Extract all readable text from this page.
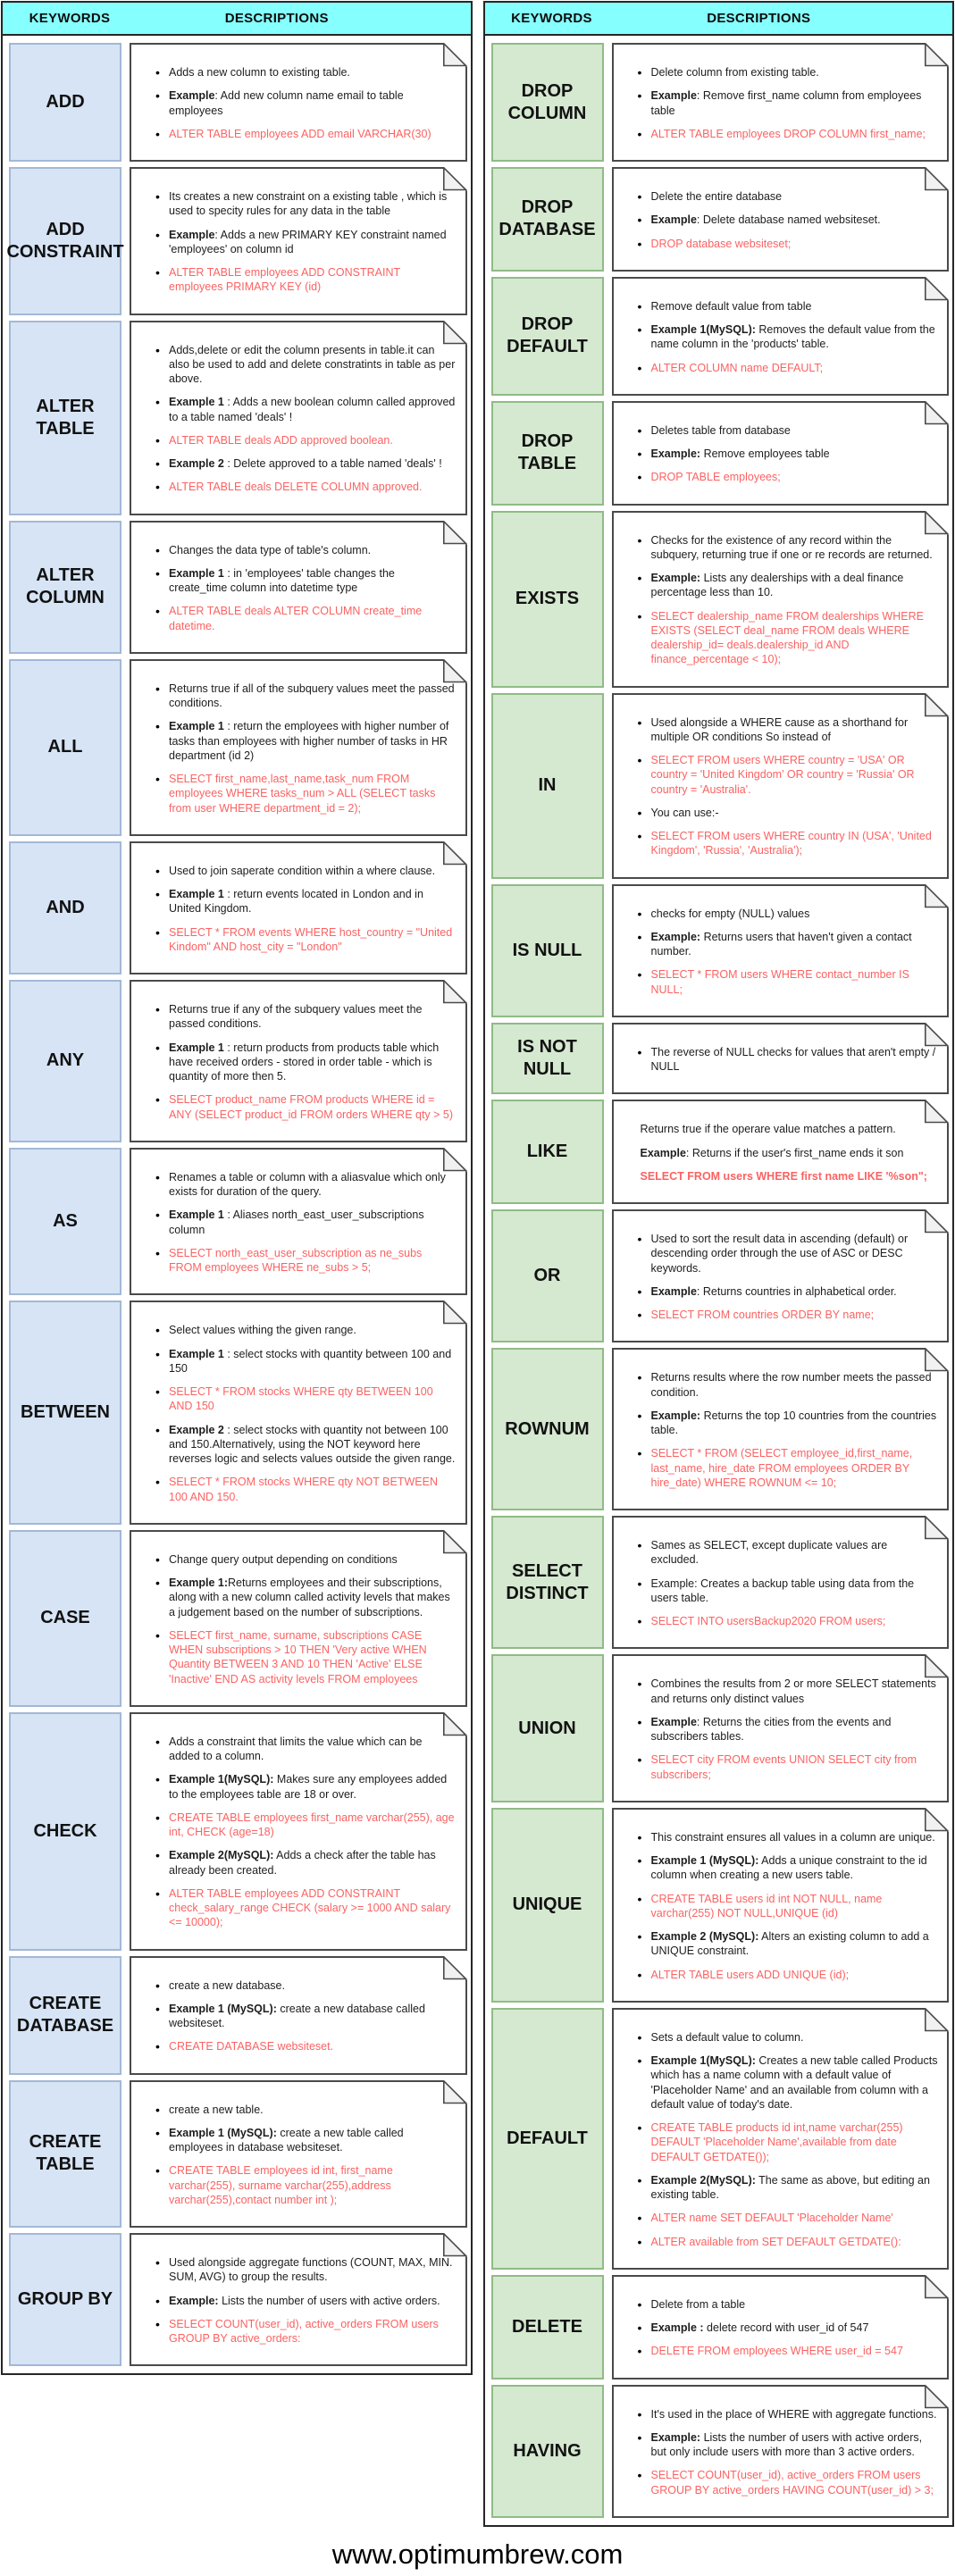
KEYWORDS	DESCRIPTIONS
ADD
• Adds a new column to existing table.
• Example: Add new column name email to table employees
• ALTER TABLE employees ADD email VARCHAR(30)
ADD CONSTRAINT
• Its creates a new constraint on a existing table , which is used to specity rules for any data in the table
• Example: Adds a new PRIMARY KEY constraint named 'employees' on column id
• ALTER TABLE employees ADD CONSTRAINT employees PRIMARY KEY (id)
ALTER TABLE
• Adds,delete or edit the column presents in table.it can also be used to add and delete constratints in table as per above.
• Example 1 : Adds a new boolean column called approved to a table named 'deals' !
• ALTER TABLE deals ADD approved boolean.
• Example 2 : Delete approved to a table named 'deals' !
• ALTER TABLE deals DELETE COLUMN approved.
ALTER COLUMN
• Changes the data type of table's column.
• Example 1 : in 'employees' table changes the create_time column into datetime type
• ALTER TABLE deals ALTER COLUMN create_time datetime.
ALL
• Returns true if all of the subquery values meet the passed conditions.
• Example 1 : return the employees with higher number of tasks than employees with higher number of tasks in HR department (id 2)
• SELECT first_name,last_name,task_num FROM employees WHERE tasks_num > ALL (SELECT tasks from user WHERE department_id = 2);
AND
• Used to join saperate condition within a where clause.
• Example 1 : return events located in London and in United Kingdom.
• SELECT * FROM events WHERE host_country = "United Kindom" AND host_city = "London"
ANY
• Returns true if any of the subquery values meet the passed conditions.
• Example 1 : return products from products table which have received orders - stored in order table - which is quantity of more then 5.
• SELECT product_name FROM products WHERE id = ANY (SELECT product_id FROM orders WHERE qty > 5)
AS
• Renames a table or column with a aliasvalue which only exists for duration of the query.
• Example 1 : Aliases north_east_user_subscriptions column
• SELECT north_east_user_subscription as ne_subs FROM employees WHERE ne_subs > 5;
BETWEEN
• Select values withing the given range.
• Example 1 : select stocks with quantity between 100 and 150
• SELECT * FROM stocks WHERE qty BETWEEN 100 AND 150
• Example 2 : select stocks with quantity not between 100 and 150.Alternatively, using the NOT keyword here reverses logic and selects values outside the given range.
• SELECT * FROM stocks WHERE qty NOT BETWEEN 100 AND 150.
CASE
• Change query output depending on conditions
• Example 1:Returns employees and their subscriptions, along with a new column called activity levels that makes a judgement based on the number of subscriptions.
• SELECT first_name, surname, subscriptions CASE WHEN subscriptions > 10 THEN 'Very active WHEN Quantity BETWEEN 3 AND 10 THEN 'Active' ELSE 'Inactive' END AS activity levels FROM employees
CHECK
• Adds a constraint that limits the value which can be added to a column.
• Example 1(MySQL): Makes sure any employees added to the employees table are 18 or over.
• CREATE TABLE employees first_name varchar(255), age int, CHECK (age=18)
• Example 2(MySQL): Adds a check after the table has already been created.
• ALTER TABLE employees ADD CONSTRAINT check_salary_range CHECK (salary >= 1000 AND salary <= 10000);
CREATE DATABASE
• create a new database.
• Example 1 (MySQL): create a new database called websiteset.
• CREATE DATABASE websiteset.
CREATE TABLE
• create a new table.
• Example 1 (MySQL): create a new table called employees in database websiteset.
• CREATE TABLE employees id int, first_name varchar(255), surname varchar(255),address varchar(255),contact number int );
GROUP BY
• Used alongside aggregate functions (COUNT, MAX, MIN. SUM, AVG) to group the results.
• Example: Lists the number of users with active orders.
• SELECT COUNT(user_id), active_orders FROM users GROUP BY active_orders:
KEYWORDS	DESCRIPTIONS
DROP COLUMN
• Delete column from existing table.
• Example: Remove first_name column from employees table
• ALTER TABLE employees DROP COLUMN first_name;
DROP DATABASE
• Delete the entire database
• Example: Delete database named websiteset.
• DROP database websiteset;
DROP DEFAULT
• Remove default value from table
• Example 1(MySQL): Removes the default value from the name column in the 'products' table.
• ALTER COLUMN name DEFAULT;
DROP TABLE
• Deletes table from database
• Example: Remove employees table
• DROP TABLE employees;
EXISTS
• Checks for the existence of any record within the subquery, returning true if one or re records are returned.
• Example: Lists any dealerships with a deal finance percentage less than 10.
• SELECT dealership_name FROM dealerships WHERE EXISTS (SELECT deal_name FROM deals WHERE dealership_id= deals.dealership_id AND finance_percentage < 10);
IN
• Used alongside a WHERE cause as a shorthand for multiple OR conditions So instead of
• SELECT FROM users WHERE country = 'USA' OR country = 'United Kingdom' OR country = 'Russia' OR country = 'Australia'.
• You can use:-
• SELECT FROM users WHERE country IN (USA', 'United Kingdom', 'Russia', 'Australia');
IS NULL
• checks for empty (NULL) values
• Example: Returns users that haven't given a contact number.
• SELECT * FROM users WHERE contact_number IS NULL;
IS NOT NULL
• The reverse of NULL checks for values that aren't empty / NULL
LIKE
Returns true if the operare value matches a pattern.
Example: Returns if the user's first_name ends it son
SELECT FROM users WHERE first name LIKE '%son";
OR
• Used to sort the result data in ascending (default) or descending order through the use of ASC or DESC keywords.
• Example: Returns countries in alphabetical order.
• SELECT FROM countries ORDER BY name;
ROWNUM
• Returns results where the row number meets the passed condition.
• Example: Returns the top 10 countries from the countries table.
• SELECT * FROM (SELECT employee_id,first_name, last_name, hire_date FROM employees ORDER BY hire_date) WHERE ROWNUM <= 10;
SELECT DISTINCT
• Sames as SELECT, except duplicate values are excluded.
• Example: Creates a backup table using data from the users table.
• SELECT INTO usersBackup2020 FROM users;
UNION
• Combines the results from 2 or more SELECT statements and returns only distinct values
• Example: Returns the cities from the events and subscribers tables.
• SELECT city FROM events UNION SELECT city from subscribers;
UNIQUE
• This constraint ensures all values in a column are unique.
• Example 1 (MySQL): Adds a unique constraint to the id column when creating a new users table.
• CREATE TABLE users id int NOT NULL, name varchar(255) NOT NULL,UNIQUE (id)
• Example 2 (MySQL): Alters an existing column to add a UNIQUE constraint.
• ALTER TABLE users ADD UNIQUE (id);
DEFAULT
• Sets a default value to column.
• Example 1(MySQL): Creates a new table called Products which has a name column with a default value of 'Placeholder Name' and an available from column with a default value of today's date.
• CREATE TABLE products id int,name varchar(255) DEFAULT 'Placeholder Name',available from date DEFAULT GETDATE());
• Example 2(MySQL): The same as above, but editing an existing table.
• ALTER name SET DEFAULT 'Placeholder Name'
• ALTER available from SET DEFAULT GETDATE():
DELETE
• Delete from a table
• Example : delete record with user_id of 547
• DELETE FROM employees WHERE user_id = 547
HAVING
• It's used in the place of WHERE with aggregate functions.
• Example: Lists the number of users with active orders, but only include users with more than 3 active orders.
• SELECT COUNT(user_id), active_orders FROM users GROUP BY active_orders HAVING COUNT(user_id) > 3;
www.optimumbrew.com
